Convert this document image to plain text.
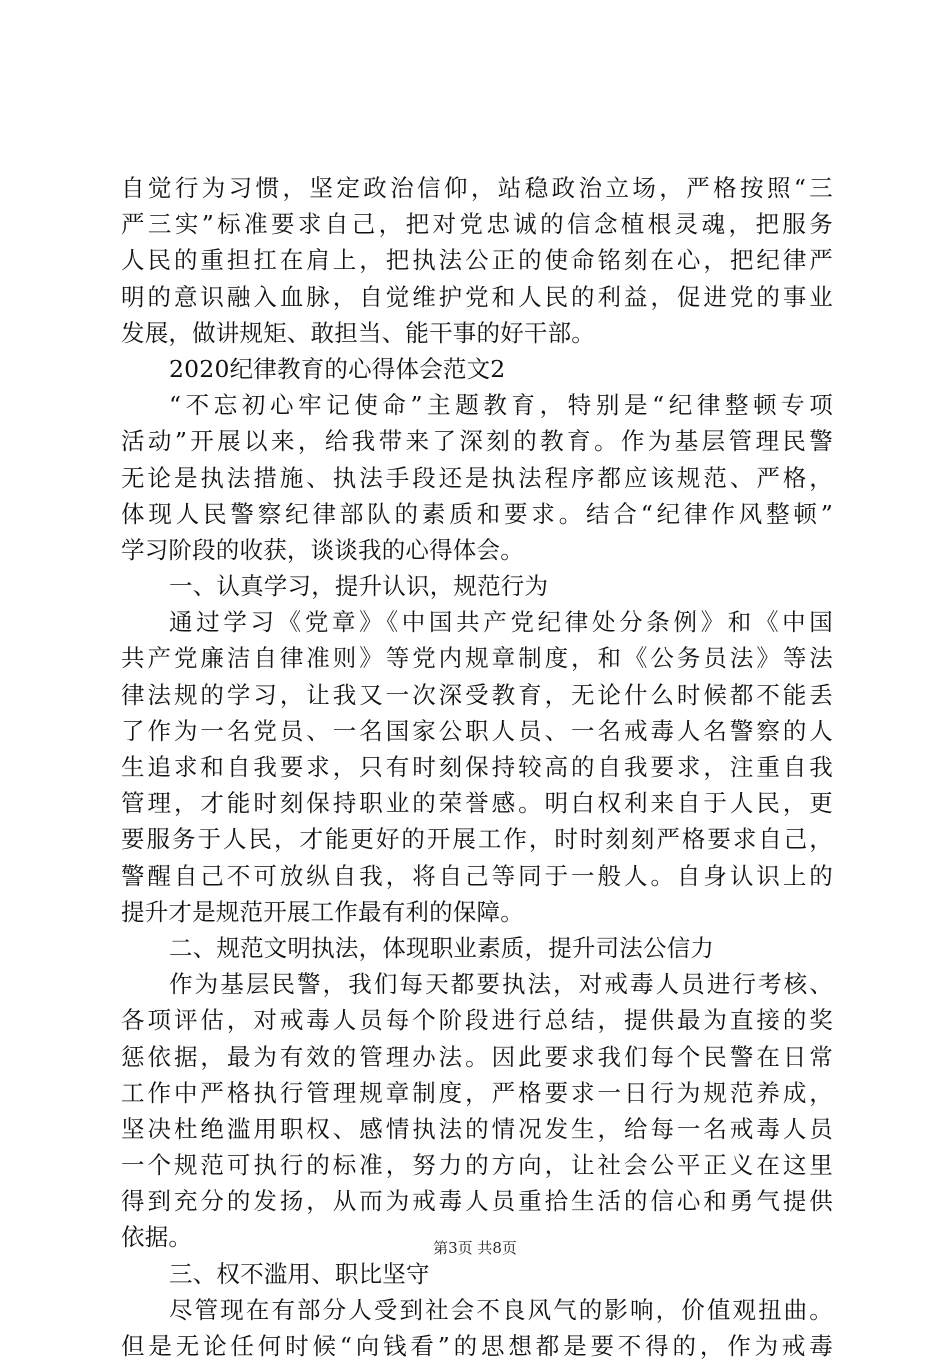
自觉行为习惯，坚定政治信仰，站稳政治立场，严格按照“三
严三实”标准要求自己，把对党忠诚的信念植根灵魂，把服务
人民的重担扛在肩上，把执法公正的使命铭刻在心，把纪律严
明的意识融入血脉，自觉维护党和人民的利益，促进党的事业
发展，做讲规矩、敢担当、能干事的好干部。
2020纪律教育的心得体会范文2
“不忘初心牢记使命”主题教育，特别是“纪律整顿专项
活动”开展以来，给我带来了深刻的教育。作为基层管理民警
无论是执法措施、执法手段还是执法程序都应该规范、严格，
体现人民警察纪律部队的素质和要求。结合“纪律作风整顿”
学习阶段的收获，谈谈我的心得体会。
一、认真学习，提升认识，规范行为
通过学习《党章》《中国共产党纪律处分条例》和《中国
共产党廉洁自律准则》等党内规章制度，和《公务员法》等法
律法规的学习，让我又一次深受教育，无论什么时候都不能丢
了作为一名党员、一名国家公职人员、一名戒毒人名警察的人
生追求和自我要求，只有时刻保持较高的自我要求，注重自我
管理，才能时刻保持职业的荣誉感。明白权利来自于人民，更
要服务于人民，才能更好的开展工作，时时刻刻严格要求自己，
警醒自己不可放纵自我，将自己等同于一般人。自身认识上的
提升才是规范开展工作最有利的保障。
二、规范文明执法，体现职业素质，提升司法公信力
作为基层民警，我们每天都要执法，对戒毒人员进行考核、
各项评估，对戒毒人员每个阶段进行总结，提供最为直接的奖
惩依据，最为有效的管理办法。因此要求我们每个民警在日常
工作中严格执行管理规章制度，严格要求一日行为规范养成，
坚决杜绝滥用职权、感情执法的情况发生，给每一名戒毒人员
一个规范可执行的标准，努力的方向，让社会公平正义在这里
得到充分的发扬，从而为戒毒人员重拾生活的信心和勇气提供
依据。
三、权不滥用、职比坚守
尽管现在有部分人受到社会不良风气的影响，价值观扭曲。
但是无论任何时候“向钱看”的思想都是要不得的，作为戒毒
第3页 共8页
